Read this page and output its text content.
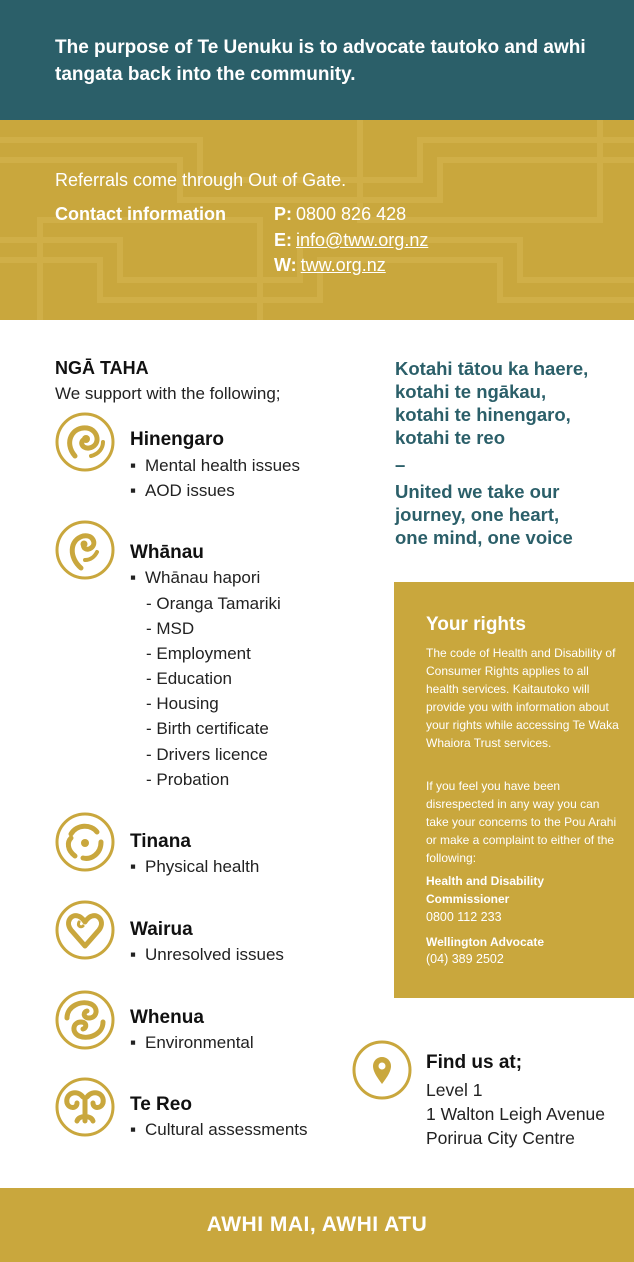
The purpose of Te Uenuku is to advocate tautoko and awhi tangata back into the community.
Referrals come through Out of Gate.
Contact information	P: 0800 826 428
E: info@tww.org.nz
W: tww.org.nz
NGĀ TAHA
We support with the following;
Hinengaro
▪ Mental health issues
▪ AOD issues
Whānau
▪ Whānau hapori
- Oranga Tamariki
- MSD
- Employment
- Education
- Housing
- Birth certificate
- Drivers licence
- Probation
Tinana
▪ Physical health
Wairua
▪ Unresolved issues
Whenua
▪ Environmental
Te Reo
▪ Cultural assessments
Kotahi tātou ka haere,
kotahi te ngākau,
kotahi te hinengaro,
kotahi te reo
–
United we take our
journey, one heart,
one mind, one voice
Your rights
The code of Health and Disability of Consumer Rights applies to all health services. Kaitautoko will provide you with information about your rights while accessing Te Waka Whaiora Trust services.
If you feel you have been disrespected in any way you can take your concerns to the Pou Arahi or make a complaint to either of the following:
Health and Disability
Commissioner
0800 112 233
Wellington Advocate
(04) 389 2502
Find us at;
Level 1
1 Walton Leigh Avenue
Porirua City Centre
AWHI MAI, AWHI ATU
